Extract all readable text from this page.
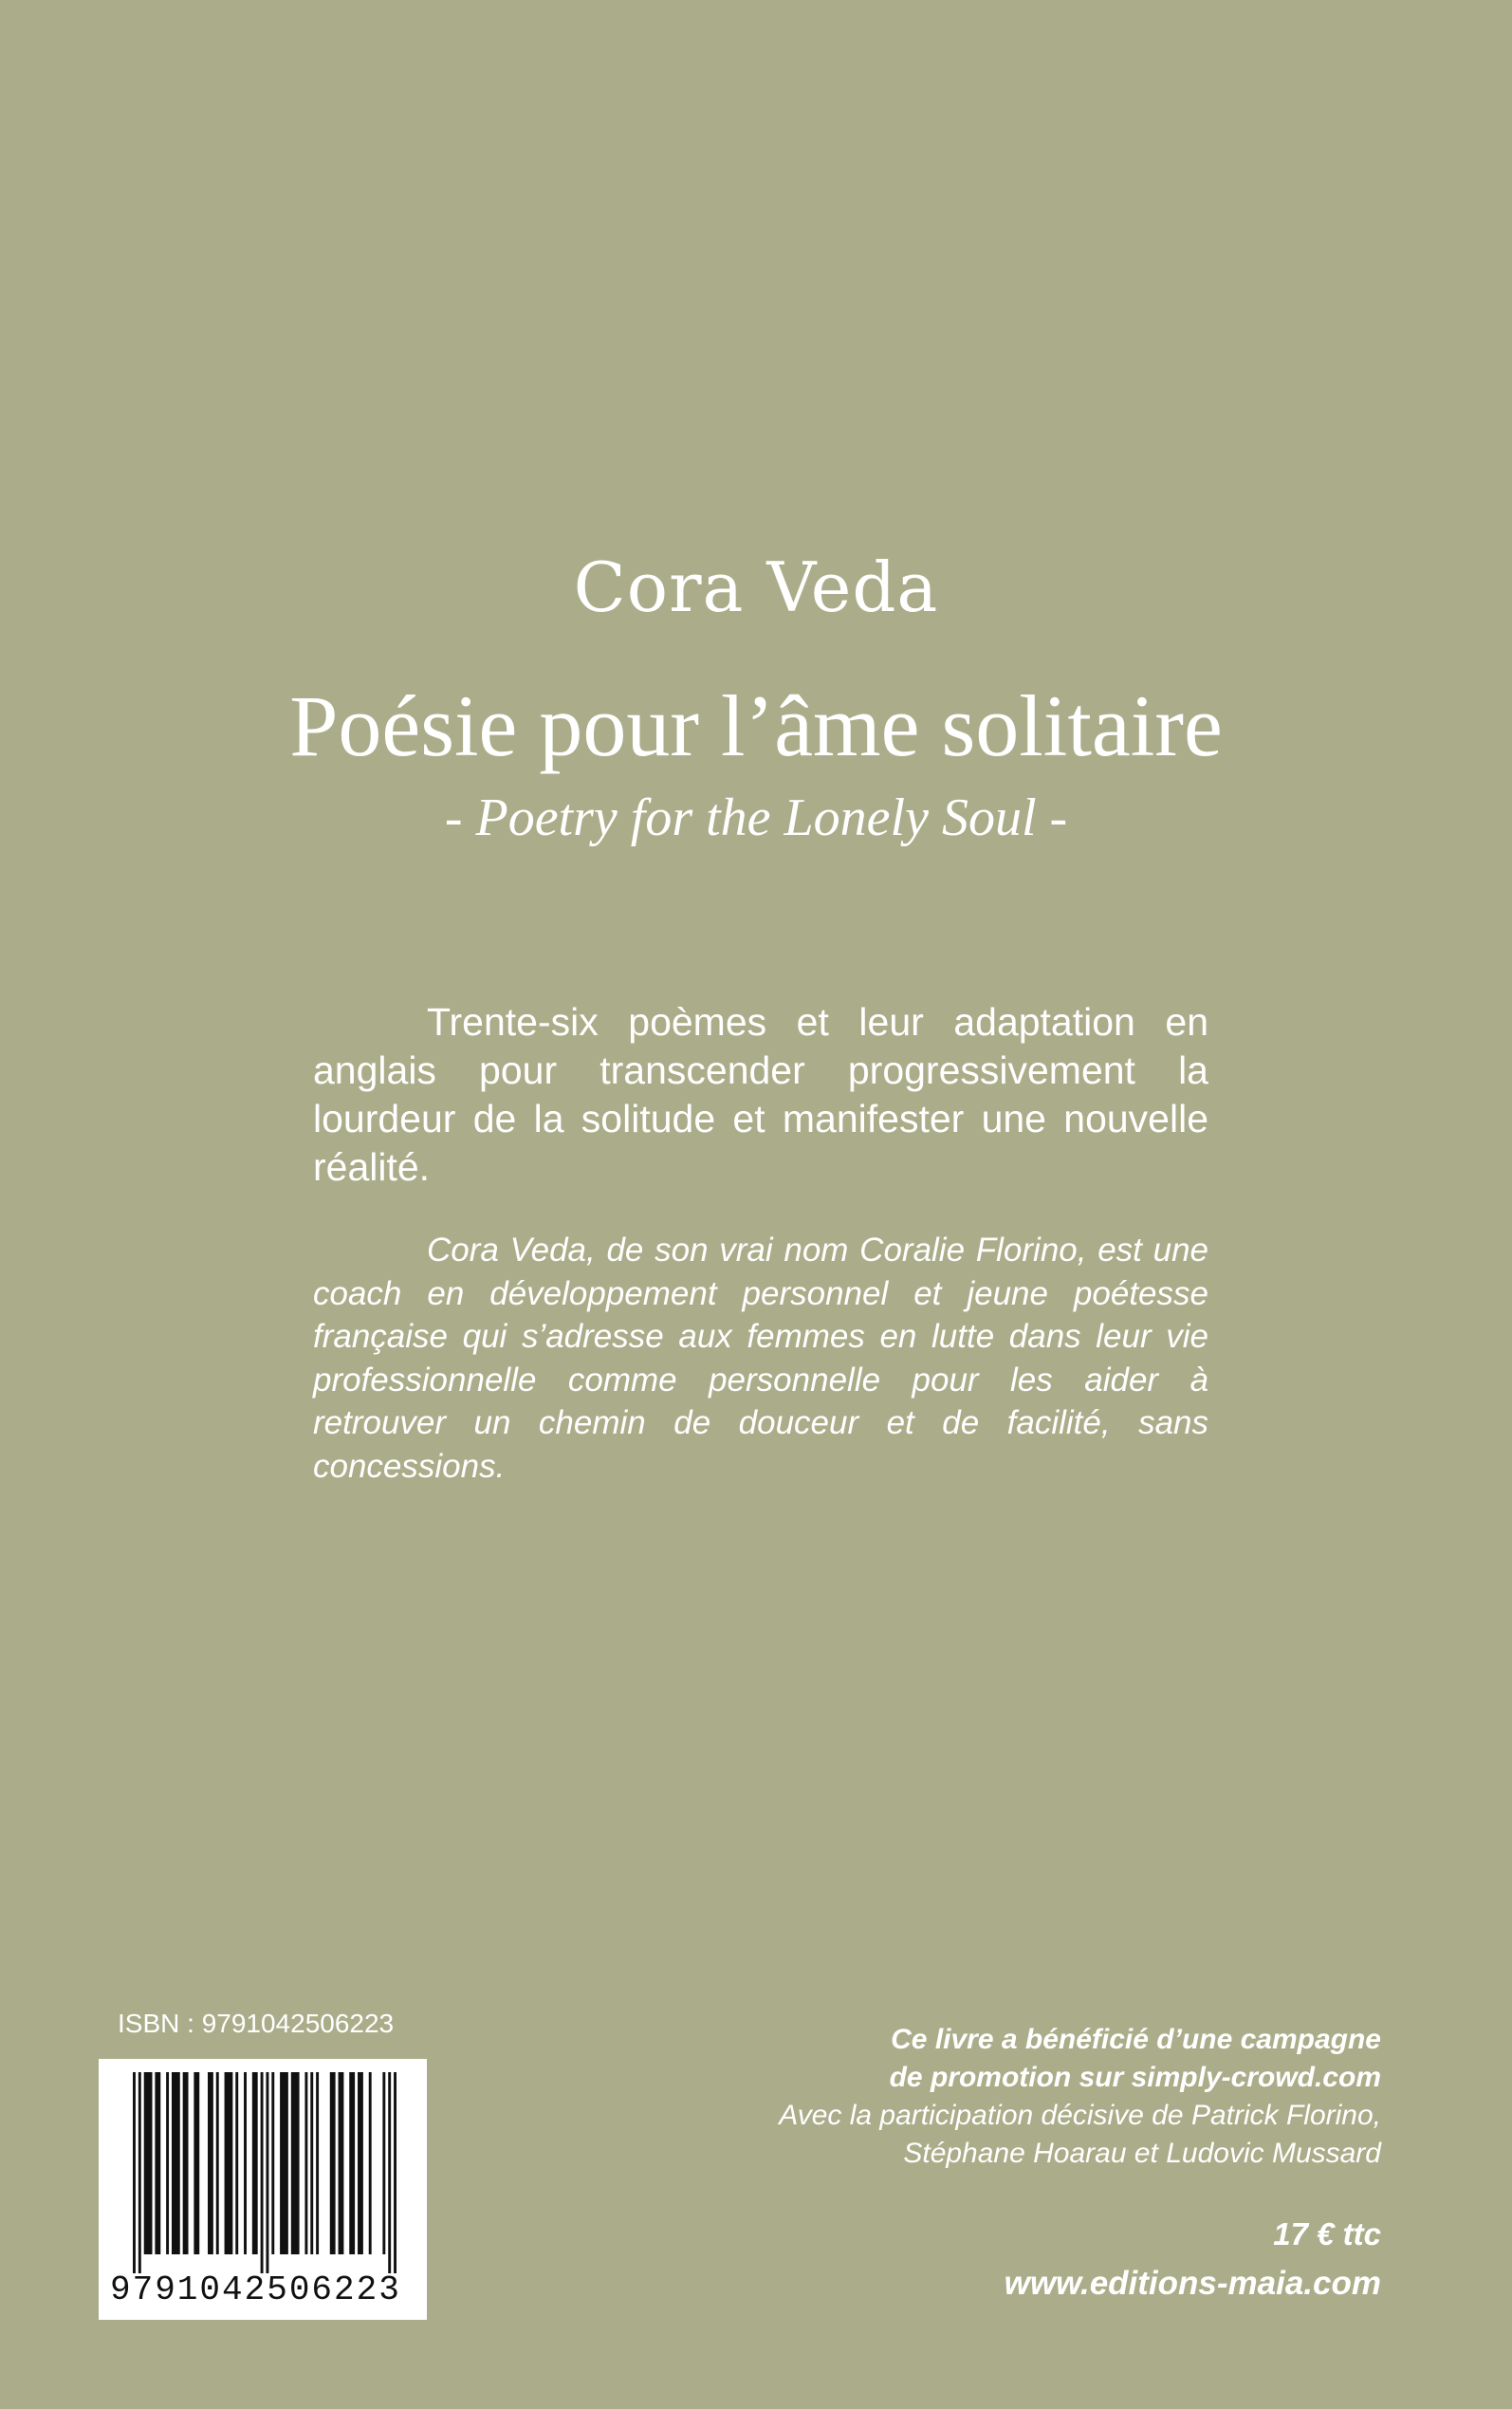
Cora Veda
Poésie pour l’âme solitaire
- Poetry for the Lonely Soul -
Trente-six poèmes et leur adaptation en anglais pour transcender progressivement la lourdeur de la solitude et manifester une nouvelle réalité.
Cora Veda, de son vrai nom Coralie Florino, est une coach en développement personnel et jeune poétesse française qui s’adresse aux femmes en lutte dans leur vie professionnelle comme personnelle pour les aider à retrouver un chemin de douceur et de facilité, sans concessions.
ISBN : 9791042506223
9791042506223
Ce livre a bénéficié d’une campagne
de promotion sur simply-crowd.com
Avec la participation décisive de Patrick Florino,
Stéphane Hoarau et Ludovic Mussard
17 € ttc
www.editions-maia.com
